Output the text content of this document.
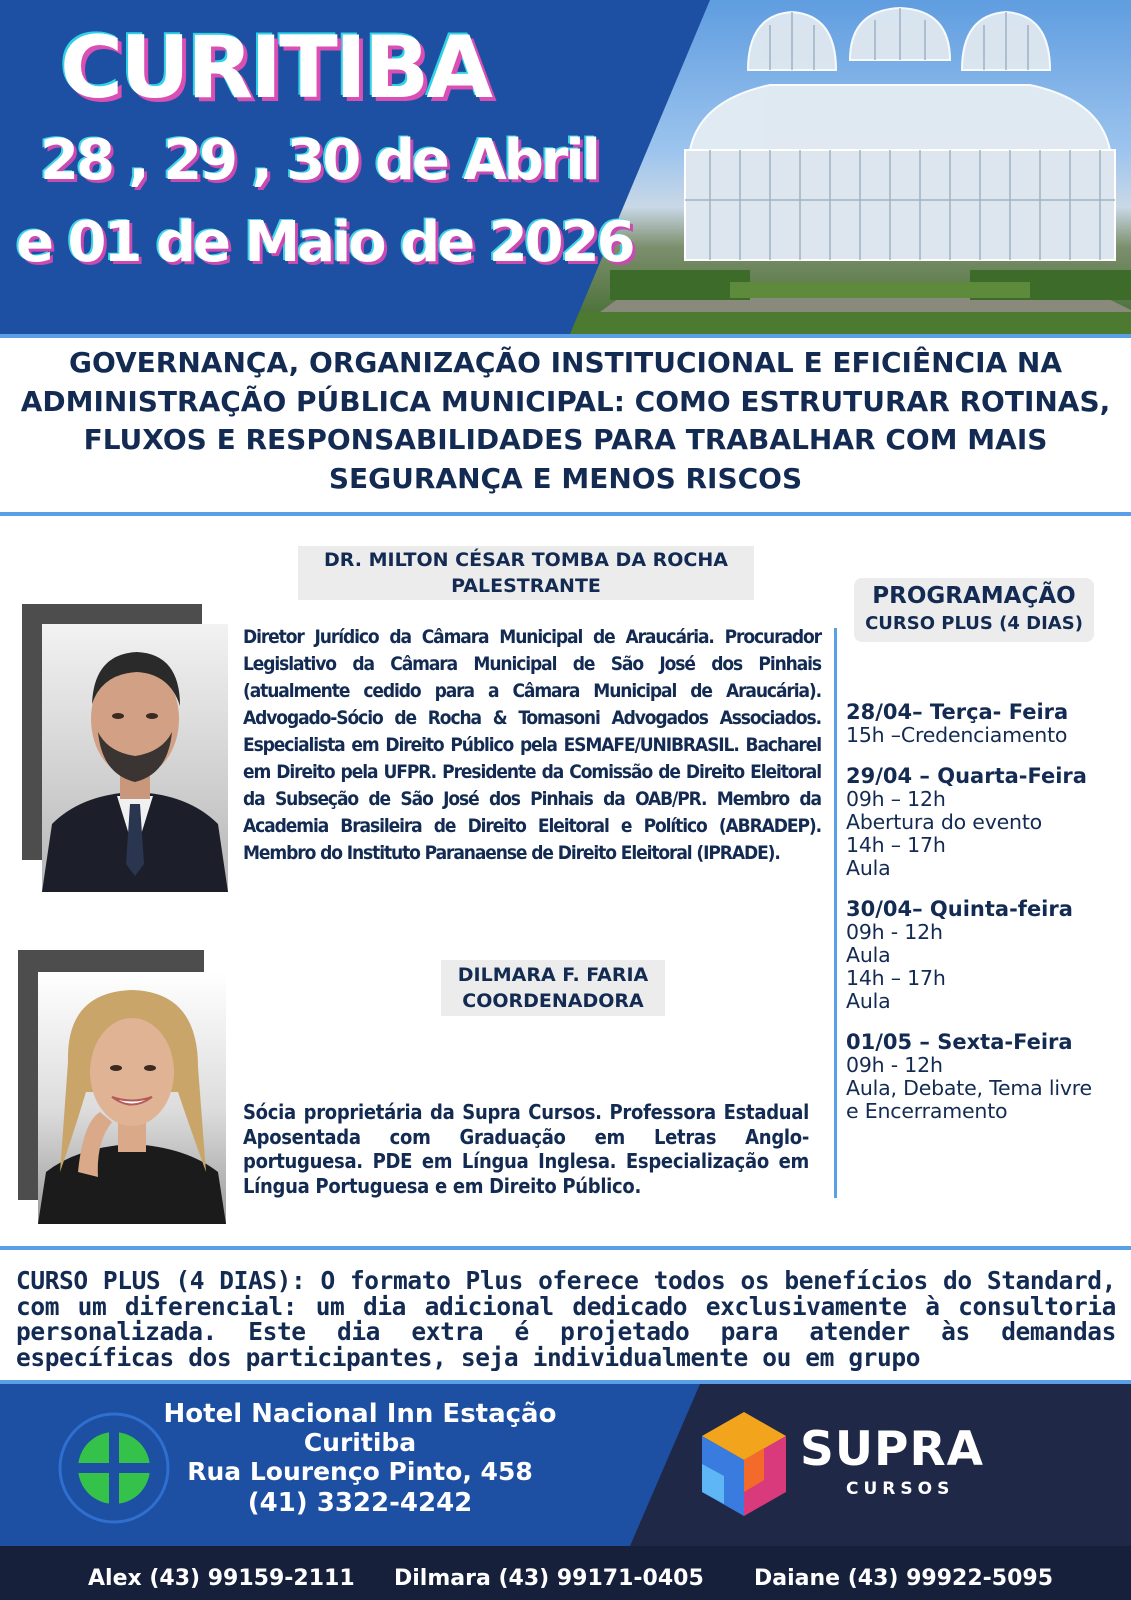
CURITIBA
28 , 29 , 30 de Abril
e 01 de Maio de 2026
GOVERNANÇA, ORGANIZAÇÃO INSTITUCIONAL E EFICIÊNCIA NA ADMINISTRAÇÃO PÚBLICA MUNICIPAL: COMO ESTRUTURAR ROTINAS, FLUXOS E RESPONSABILIDADES PARA TRABALHAR COM MAIS SEGURANÇA E MENOS RISCOS
DR. MILTON CÉSAR TOMBA DA ROCHA
PALESTRANTE
Diretor Jurídico da Câmara Municipal de Araucária. Procurador Legislativo da Câmara Municipal de São José dos Pinhais (atualmente cedido para a Câmara Municipal de Araucária). Advogado-Sócio de Rocha & Tomasoni Advogados Associados. Especialista em Direito Público pela ESMAFE/UNIBRASIL. Bacharel em Direito pela UFPR. Presidente da Comissão de Direito Eleitoral da Subseção de São José dos Pinhais da OAB/PR. Membro da Academia Brasileira de Direito Eleitoral e Político (ABRADEP). Membro do Instituto Paranaense de Direito Eleitoral (IPRADE).
DILMARA F. FARIA
COORDENADORA
Sócia proprietária da Supra Cursos. Professora Estadual Aposentada com Graduação em Letras Anglo-portuguesa. PDE em Língua Inglesa. Especialização em Língua Portuguesa e em Direito Público.
PROGRAMAÇÃO
CURSO PLUS (4 DIAS)
28/04– Terça- Feira
15h –Credenciamento
29/04 – Quarta-Feira
09h – 12h
Abertura do evento
14h – 17h
Aula
30/04– Quinta-feira
09h - 12h
Aula
14h – 17h
Aula
01/05 – Sexta-Feira
09h - 12h
Aula, Debate, Tema livre
e Encerramento
CURSO PLUS (4 DIAS): O formato Plus oferece todos os benefícios do Standard, com um diferencial: um dia adicional dedicado exclusivamente à consultoria personalizada. Este dia extra é projetado para atender às demandas específicas dos participantes, seja individualmente ou em grupo
Hotel Nacional Inn Estação
Curitiba
Rua Lourenço Pinto, 458
(41) 3322-4242
SUPRA
CURSOS
Alex (43) 99159-2111 Dilmara (43) 99171-0405 Daiane (43) 99922-5095
